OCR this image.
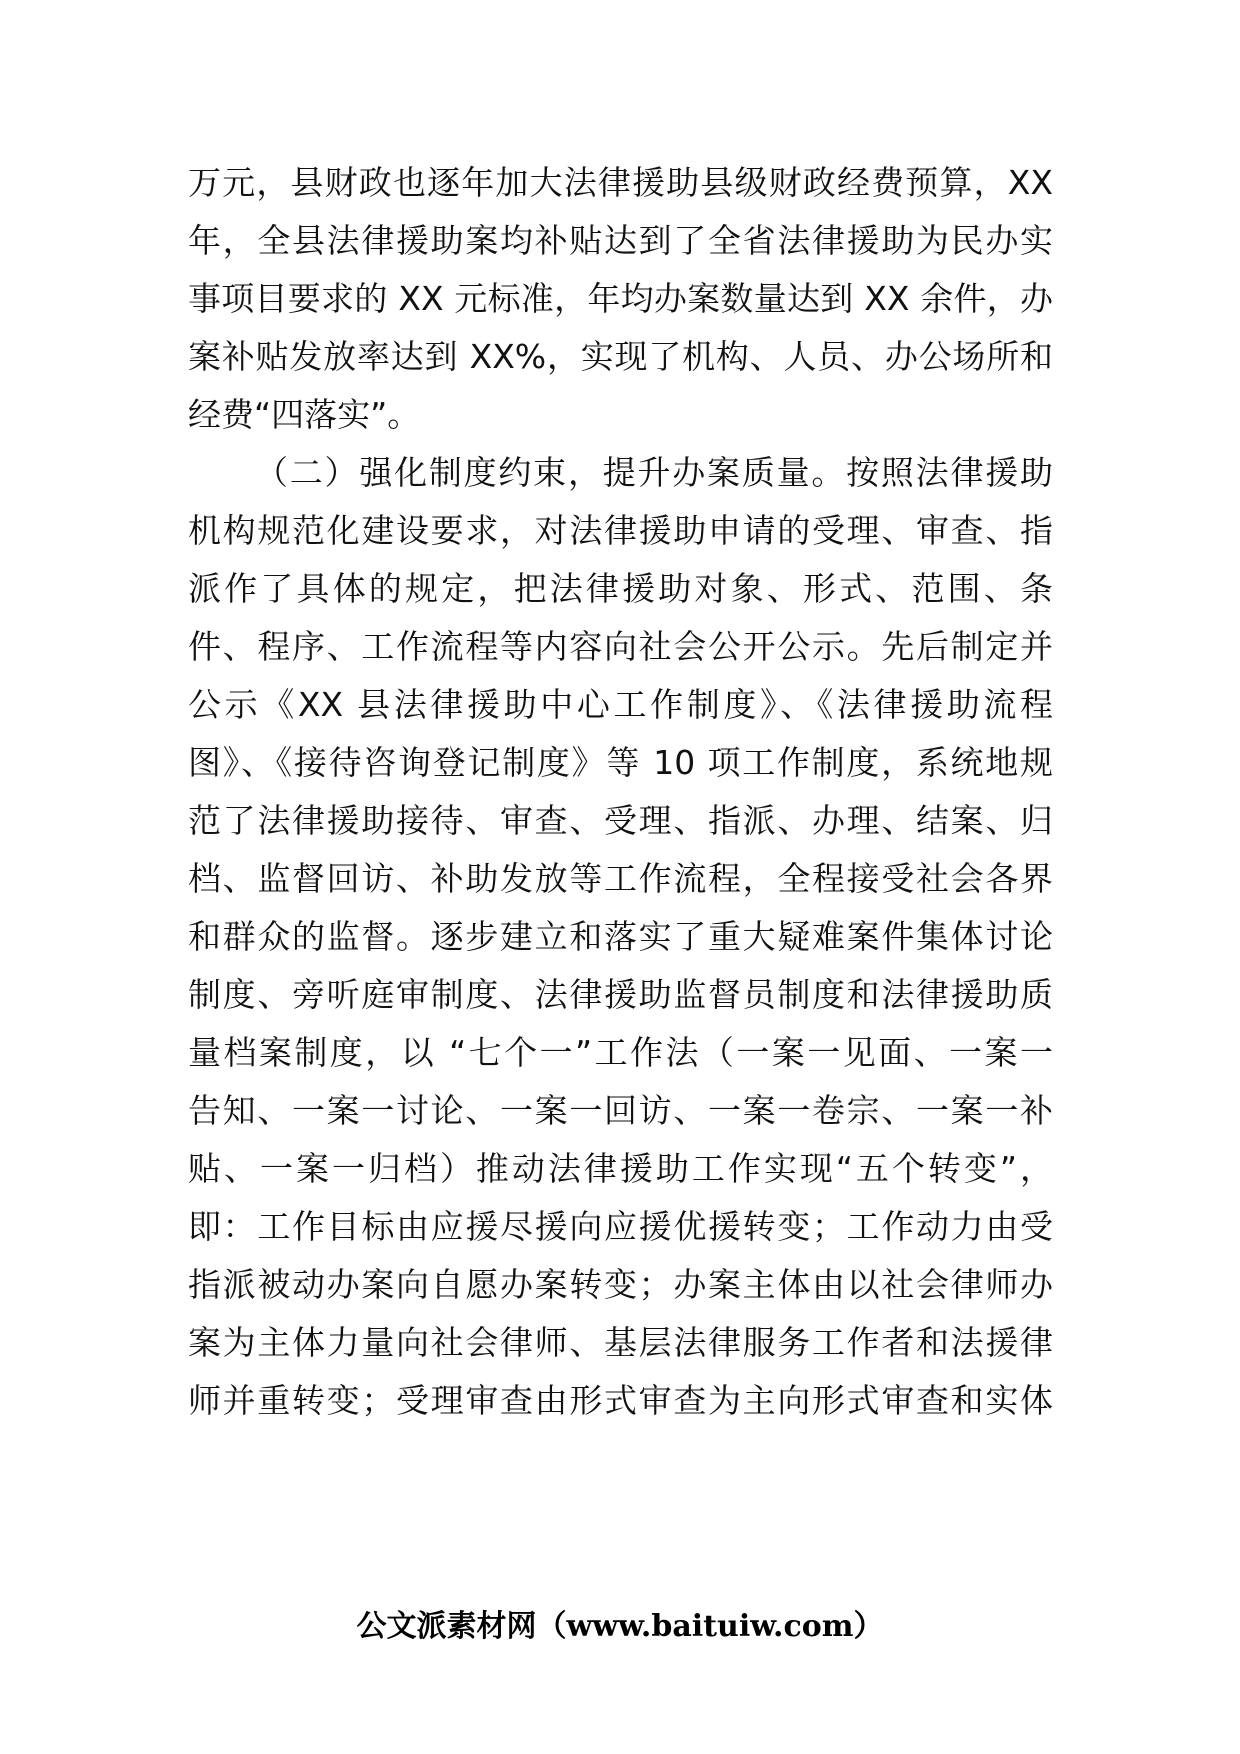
万元，县财政也逐年加大法律援助县级财政经费预算，XX
年，全县法律援助案均补贴达到了全省法律援助为民办实
事项目要求的 XX 元标准，年均办案数量达到 XX 余件，办
案补贴发放率达到 XX%，实现了机构、人员、办公场所和
经费“四落实”。
（二）强化制度约束，提升办案质量。按照法律援助
机构规范化建设要求，对法律援助申请的受理、审查、指
派作了具体的规定，把法律援助对象、形式、范围、条
件、程序、工作流程等内容向社会公开公示。先后制定并
公示《XX 县法律援助中心工作制度》、《法律援助流程
图》、《接待咨询登记制度》等 10 项工作制度，系统地规
范了法律援助接待、审查、受理、指派、办理、结案、归
档、监督回访、补助发放等工作流程，全程接受社会各界
和群众的监督。逐步建立和落实了重大疑难案件集体讨论
制度、旁听庭审制度、法律援助监督员制度和法律援助质
量档案制度，以 “七个一”工作法（一案一见面、一案一
告知、一案一讨论、一案一回访、一案一卷宗、一案一补
贴、一案一归档）推动法律援助工作实现“五个转变”，
即：工作目标由应援尽援向应援优援转变；工作动力由受
指派被动办案向自愿办案转变；办案主体由以社会律师办
案为主体力量向社会律师、基层法律服务工作者和法援律
师并重转变；受理审查由形式审查为主向形式审查和实体
公文派素材网（www.baituiw.com）
